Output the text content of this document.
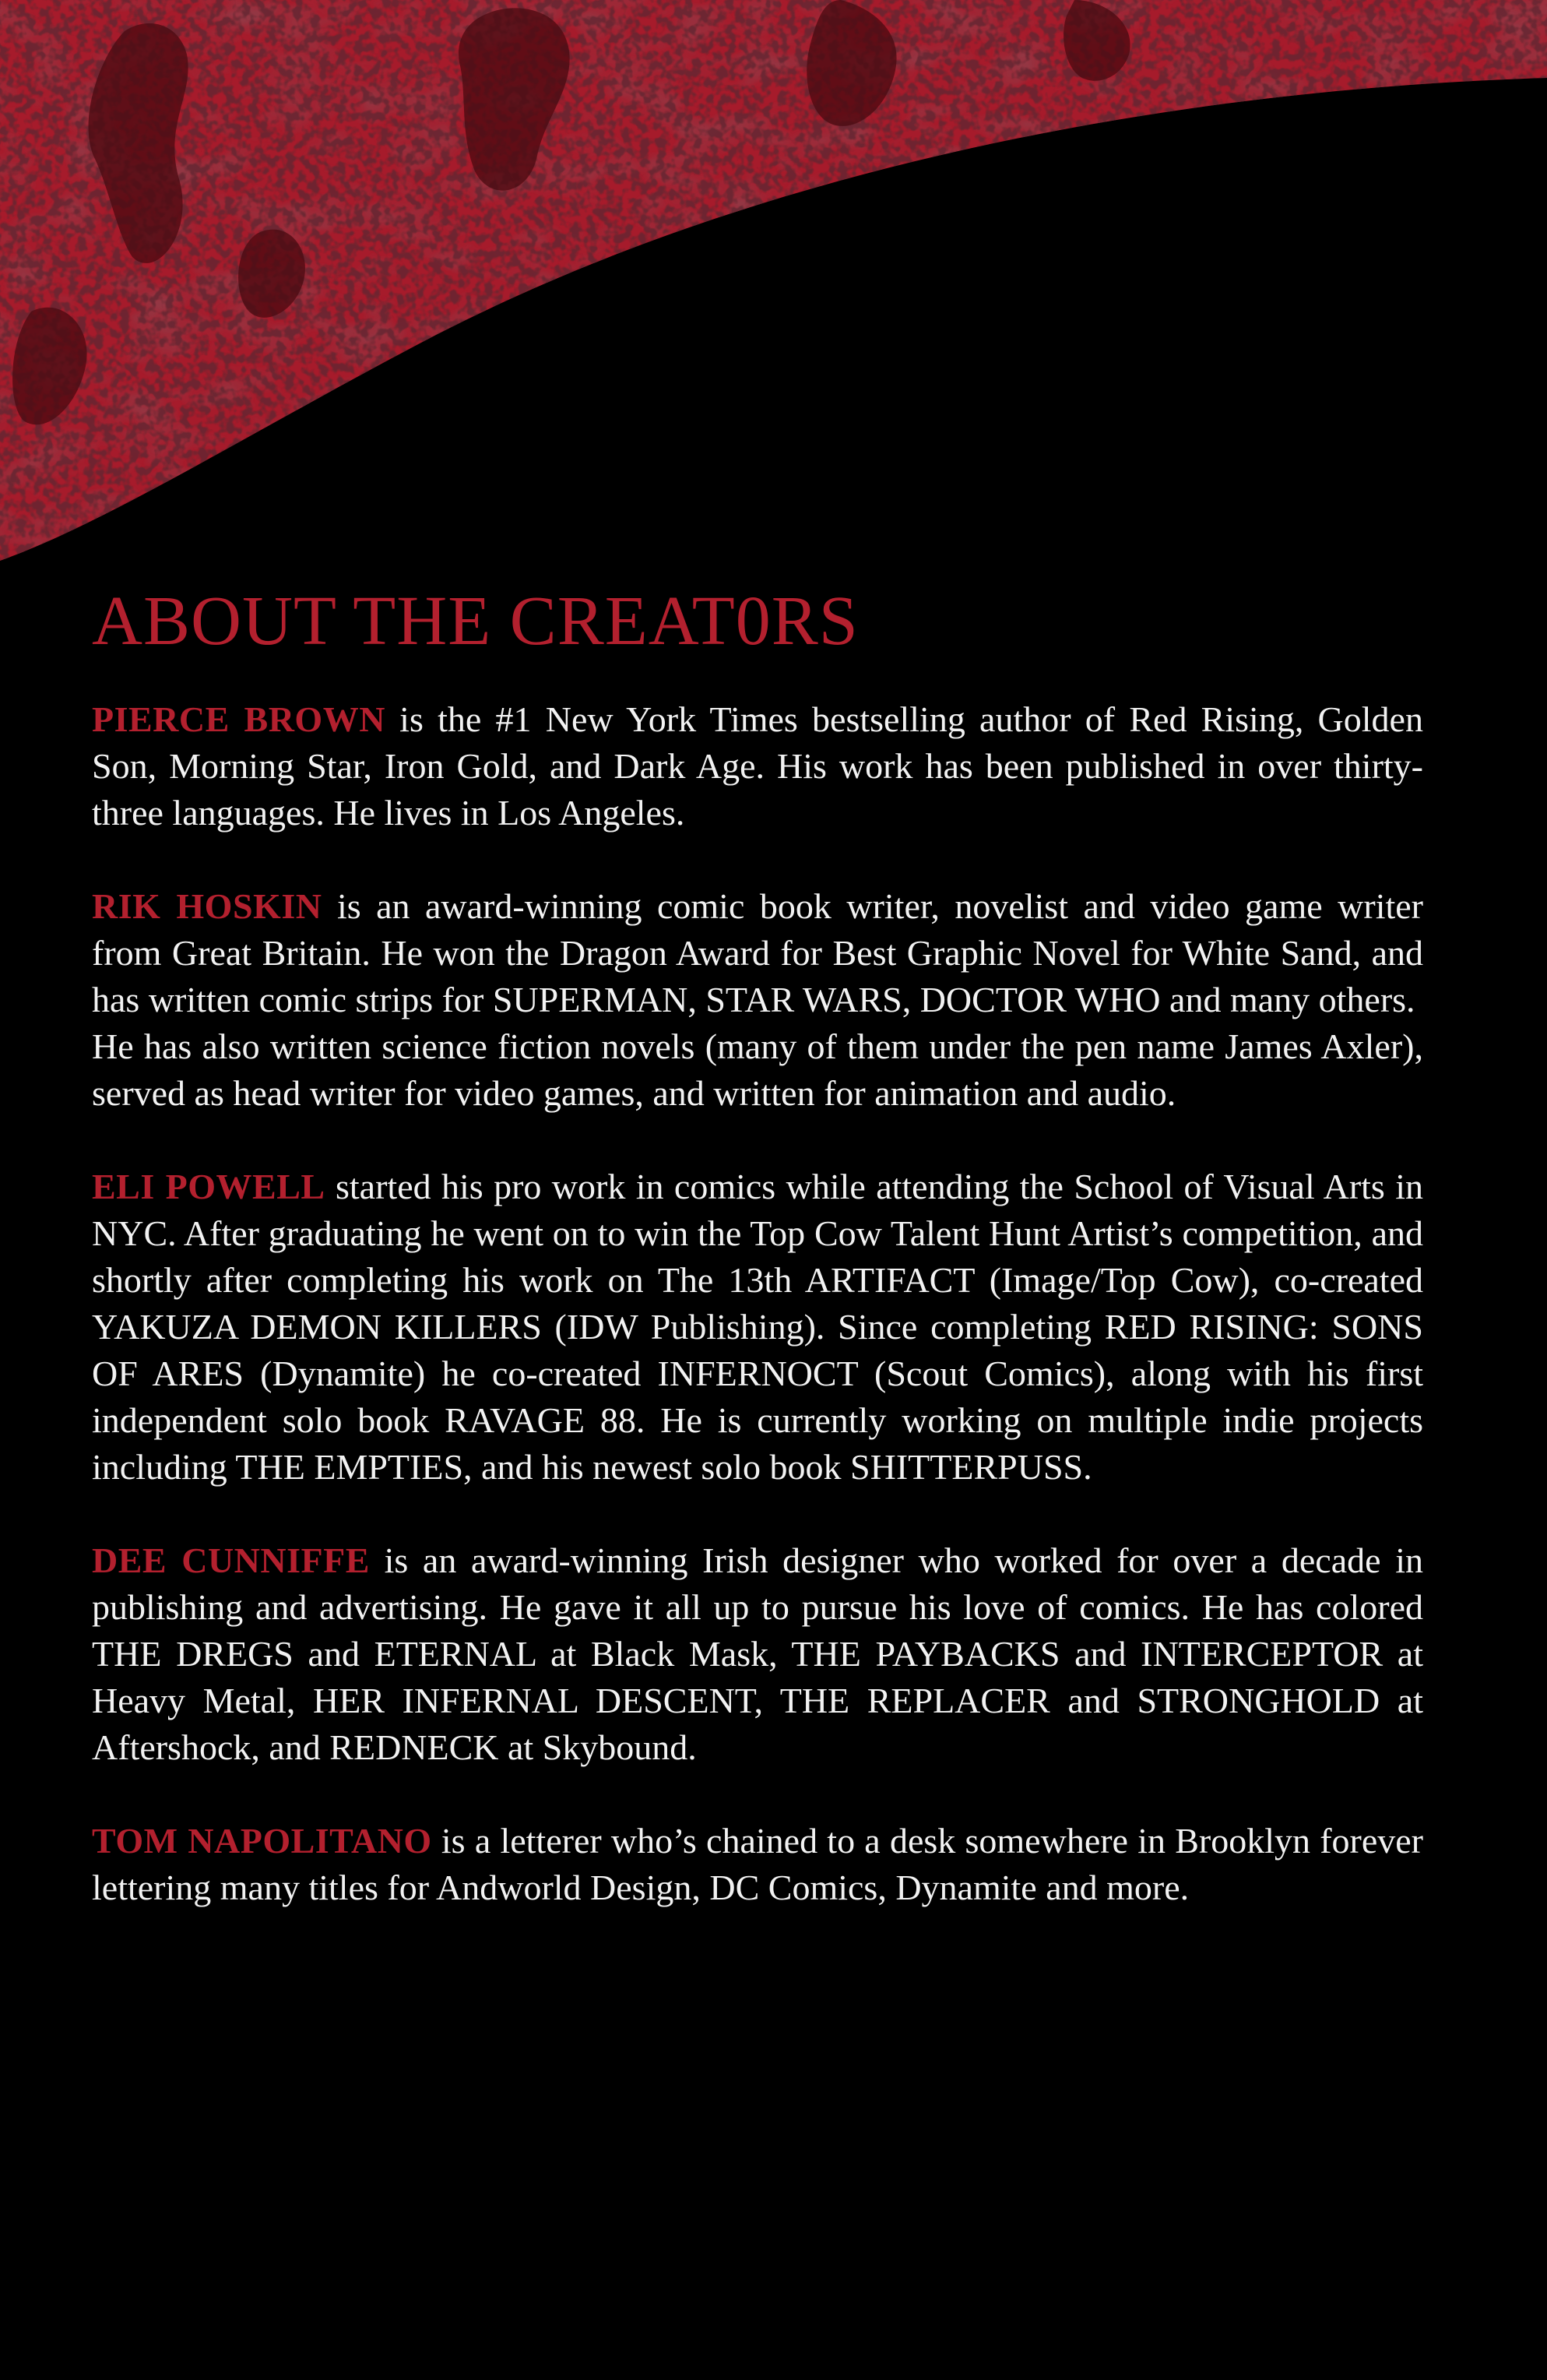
ABOUT THE CREAT0RS

PIERCE BROWN is the #1 New York Times bestselling author of Red Rising, Golden Son, Morning Star, Iron Gold, and Dark Age. His work has been published in over thirty-three languages. He lives in Los Angeles.

RIK HOSKIN is an award-winning comic book writer, novelist and video game writer from Great Britain. He won the Dragon Award for Best Graphic Novel for White Sand, and has written comic strips for SUPERMAN, STAR WARS, DOCTOR WHO and many others.

He has also written science fiction novels (many of them under the pen name James Axler), served as head writer for video games, and written for animation and audio.

ELI POWELL started his pro work in comics while attending the School of Visual Arts in NYC. After graduating he went on to win the Top Cow Talent Hunt Artist’s competition, and shortly after completing his work on The 13th ARTIFACT (Image/Top Cow), co-created YAKUZA DEMON KILLERS (IDW Publishing). Since completing RED RISING: SONS OF ARES (Dynamite) he co-created INFERNOCT (Scout Comics), along with his first independent solo book RAVAGE 88. He is currently working on multiple indie projects including THE EMPTIES, and his newest solo book SHITTERPUSS.

DEE CUNNIFFE is an award-winning Irish designer who worked for over a decade in publishing and advertising. He gave it all up to pursue his love of comics. He has colored THE DREGS and ETERNAL at Black Mask, THE PAYBACKS and INTERCEPTOR at Heavy Metal, HER INFERNAL DESCENT, THE REPLACER and STRONGHOLD at Aftershock, and REDNECK at Skybound.

TOM NAPOLITANO is a letterer who’s chained to a desk somewhere in Brooklyn forever lettering many titles for Andworld Design, DC Comics, Dynamite and more.
